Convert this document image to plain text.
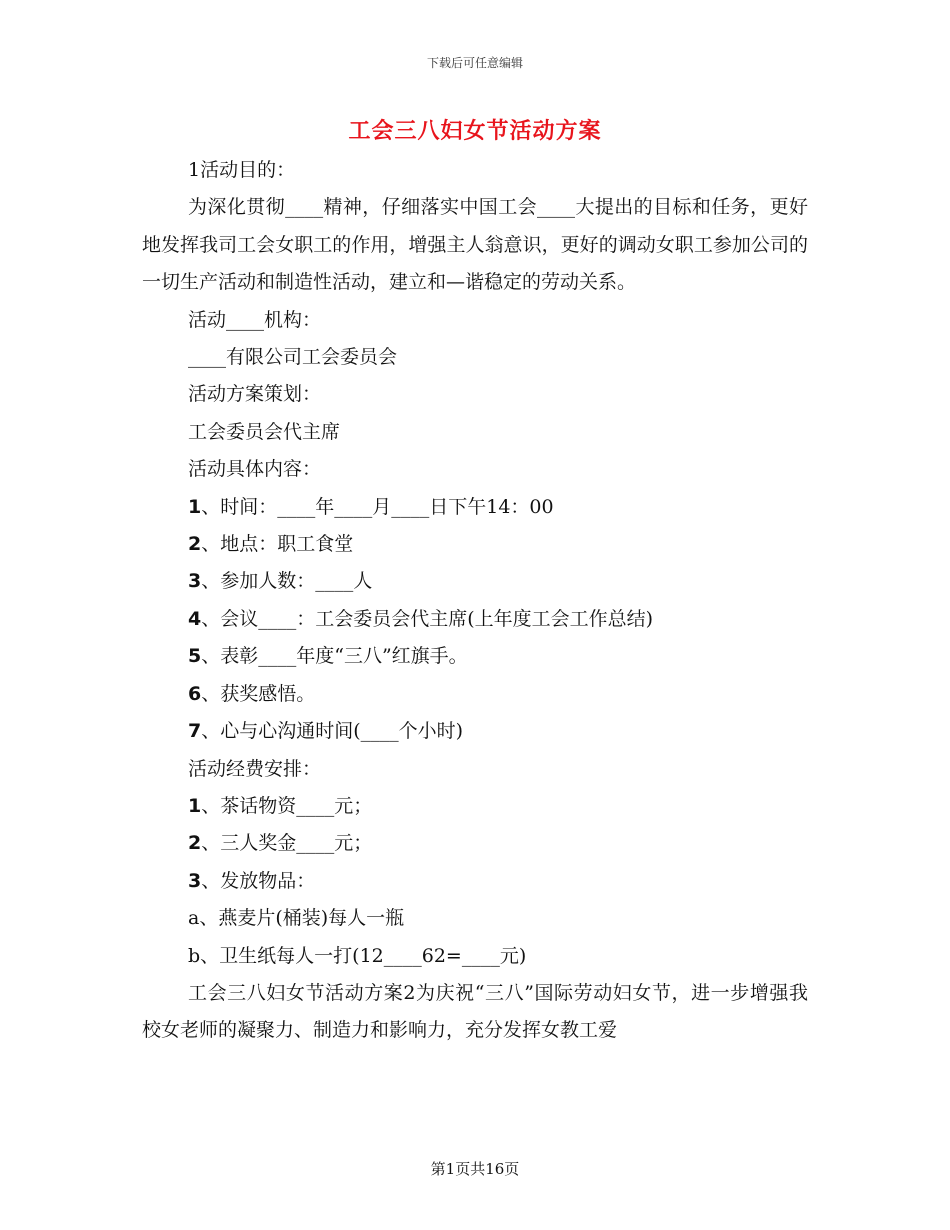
下载后可任意编辑
工会三八妇女节活动方案
1活动目的：
为深化贯彻____精神，仔细落实中国工会____大提出的目标和任务，更好地发挥我司工会女职工的作用，增强主人翁意识，更好的调动女职工参加公司的一切生产活动和制造性活动，建立和—谐稳定的劳动关系。
活动____机构：
____有限公司工会委员会
活动方案策划：
工会委员会代主席
活动具体内容：
1、时间：____年____月____日下午14：00
2、地点：职工食堂
3、参加人数：____人
4、会议____：工会委员会代主席(上年度工会工作总结)
5、表彰____年度“三八”红旗手。
6、获奖感悟。
7、心与心沟通时间(____个小时)
活动经费安排：
1、茶话物资____元；
2、三人奖金____元；
3、发放物品：
a、燕麦片(桶装)每人一瓶
b、卫生纸每人一打(12____62=____元)
工会三八妇女节活动方案2为庆祝“三八”国际劳动妇女节，进一步增强我校女老师的凝聚力、制造力和影响力，充分发挥女教工爱
第1页共16页
